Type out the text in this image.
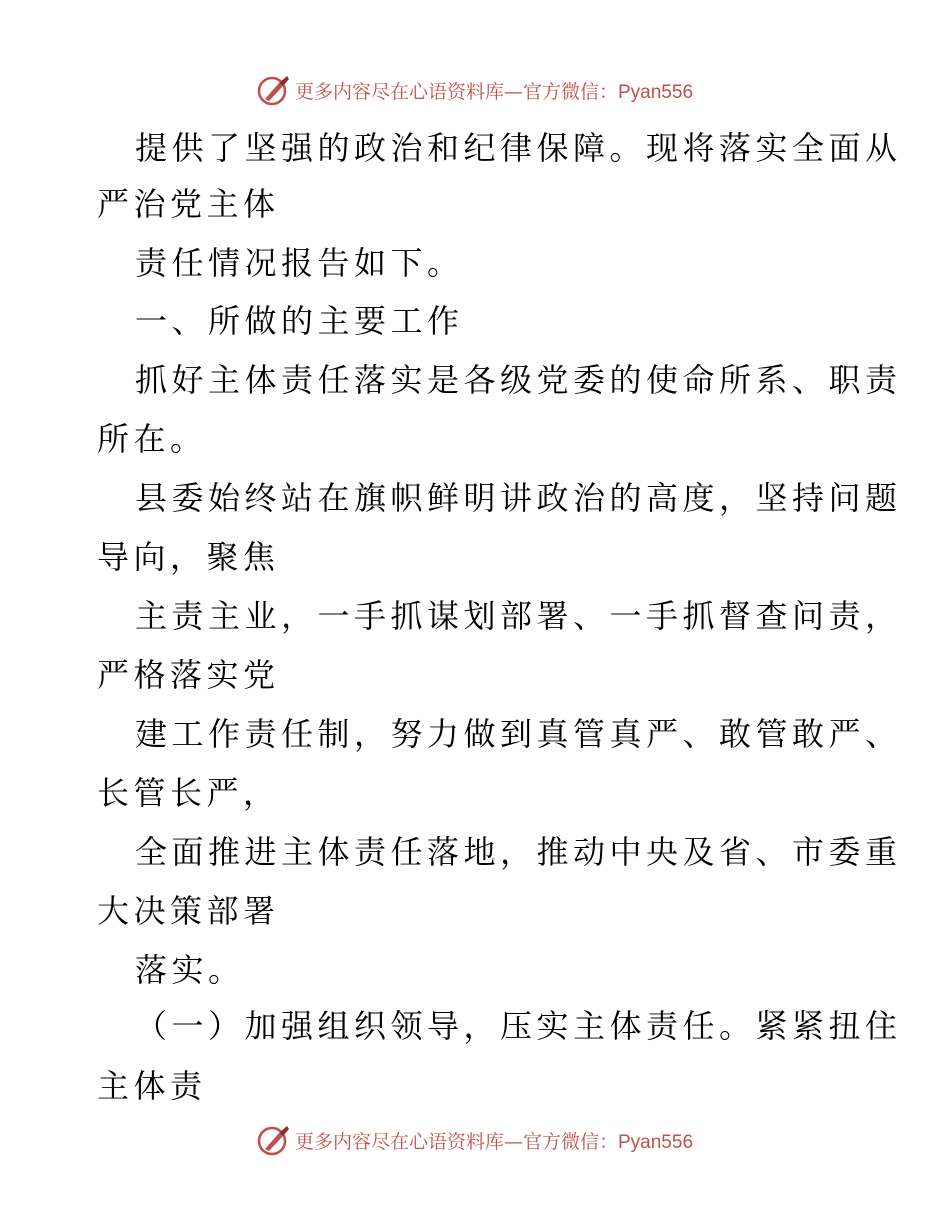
更多内容尽在心语资料库—官方微信：Pyan556
提供了坚强的政治和纪律保障。现将落实全面从
严治党主体
责任情况报告如下。
一、所做的主要工作
抓好主体责任落实是各级党委的使命所系、职责
所在。
县委始终站在旗帜鲜明讲政治的高度，坚持问题
导向，聚焦
主责主业，一手抓谋划部署、一手抓督查问责，
严格落实党
建工作责任制，努力做到真管真严、敢管敢严、
长管长严，
全面推进主体责任落地，推动中央及省、市委重
大决策部署
落实。
（一）加强组织领导，压实主体责任。紧紧扭住
主体责
更多内容尽在心语资料库—官方微信：Pyan556
